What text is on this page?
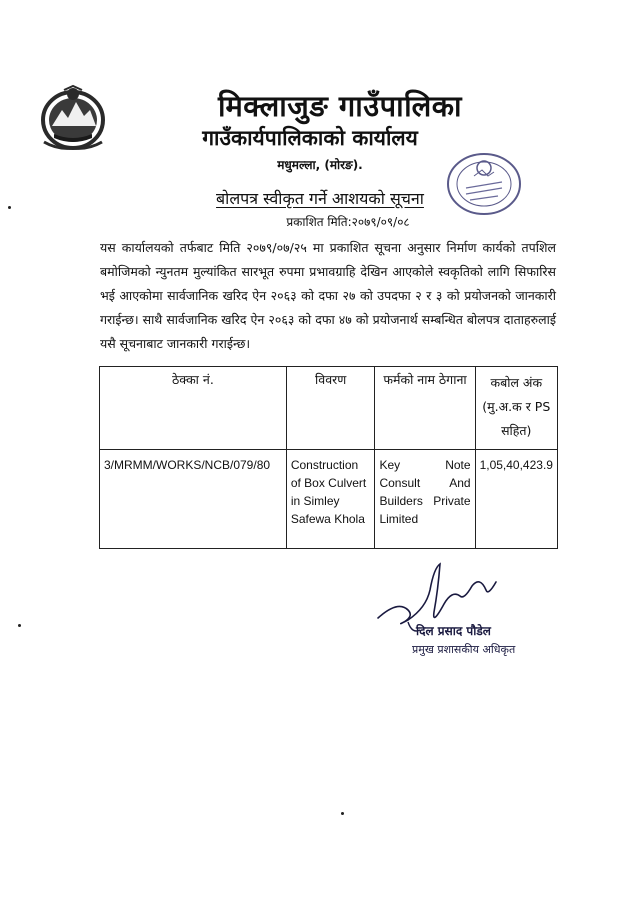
मिक्लाजुङ गाउँपालिका
गाउँकार्यपालिकाको कार्यालय
मधुमल्ला, (मोरङ).
बोलपत्र स्वीकृत गर्ने आशयको सूचना
प्रकाशित मिति:२०७९/०९/०८
यस कार्यालयको तर्फबाट मिति २०७९/०७/२५ मा प्रकाशित सूचना अनुसार निर्माण कार्यको तपशिल बमोजिमको न्युनतम मुल्यांकित सारभूत रुपमा प्रभावग्राहि देखिन आएकोले स्वकृतिको लागि सिफारिस भई आएकोमा सार्वजानिक खरिद ऐन २०६३ को दफा २७ को उपदफा २ र ३ को प्रयोजनको जानकारी गराईन्छ। साथै सार्वजानिक खरिद ऐन २०६३ को दफा ४७ को प्रयोजनार्थ सम्बन्धित बोलपत्र दाताहरुलाई यसै सूचनाबाट जानकारी गराईन्छ।
ठेक्का नं.	विवरण	फर्मको नाम ठेगाना	कबोल अंक (मु.अ.क र PS सहित)
3/MRMM/WORKS/NCB/079/80	Construction of Box Culvert in Simley Safewa Khola	Key Note Consult And Builders Private Limited	1,05,40,423.9
दिल प्रसाद पौडेल
प्रमुख प्रशासकीय अधिकृत
